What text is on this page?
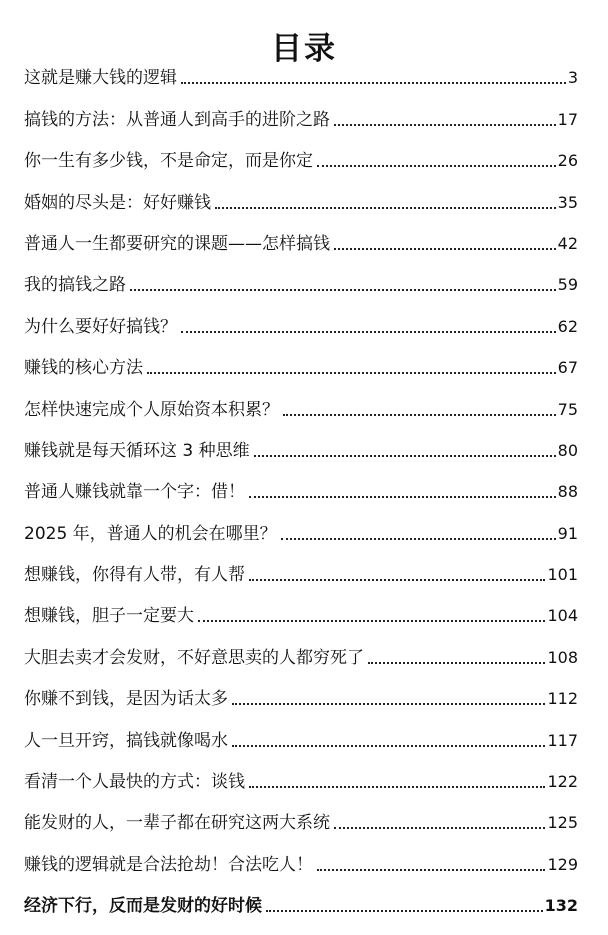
目录
这就是赚大钱的逻辑	3
搞钱的方法：从普通人到高手的进阶之路	17
你一生有多少钱，不是命定，而是你定	26
婚姻的尽头是：好好赚钱	35
普通人一生都要研究的课题——怎样搞钱	42
我的搞钱之路	59
为什么要好好搞钱？	62
赚钱的核心方法	67
怎样快速完成个人原始资本积累？	75
赚钱就是每天循环这 3 种思维	80
普通人赚钱就靠一个字：借！	88
2025 年，普通人的机会在哪里？	91
想赚钱，你得有人带，有人帮	101
想赚钱，胆子一定要大	104
大胆去卖才会发财，不好意思卖的人都穷死了	108
你赚不到钱，是因为话太多	112
人一旦开窍，搞钱就像喝水	117
看清一个人最快的方式：谈钱	122
能发财的人，一辈子都在研究这两大系统	125
赚钱的逻辑就是合法抢劫！合法吃人！	129
经济下行，反而是发财的好时候	132
